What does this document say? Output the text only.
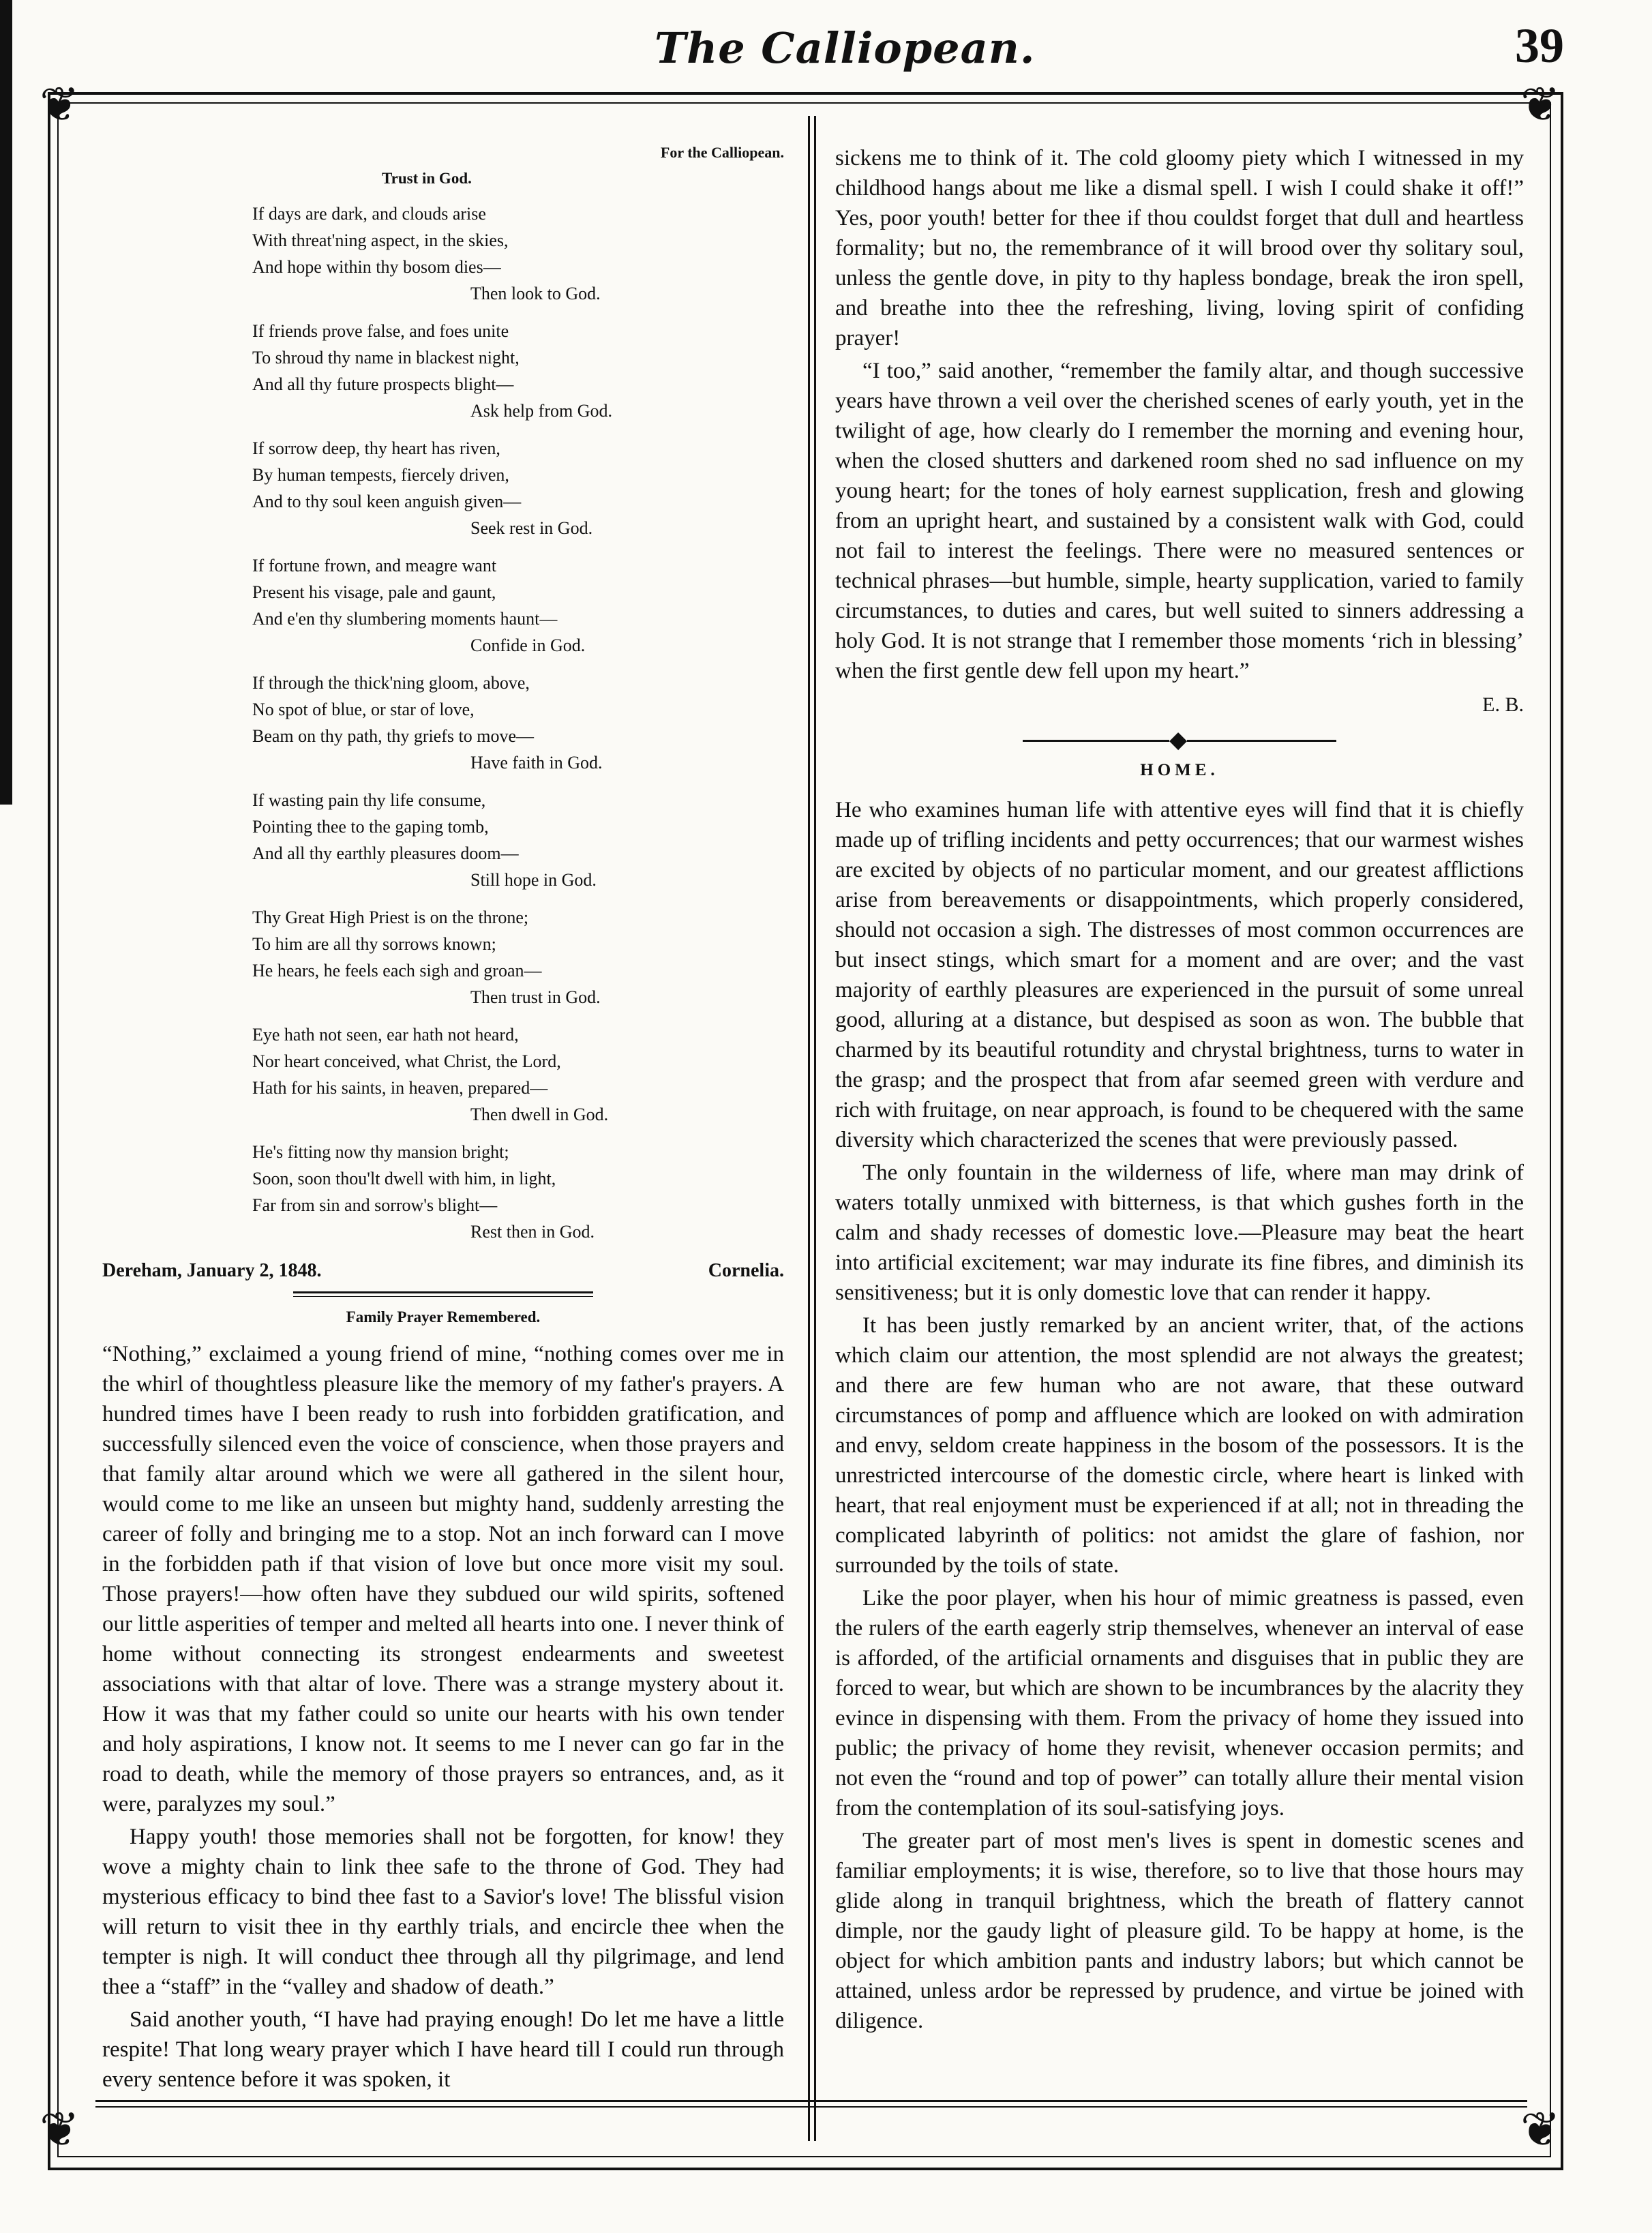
The Calliopean.	39
❦	❦
❦	❦
For the Calliopean.
Trust in God.
If days are dark, and clouds arise
With threat'ning aspect, in the skies,
And hope within thy bosom dies—
Then look to God.
If friends prove false, and foes unite
To shroud thy name in blackest night,
And all thy future prospects blight—
Ask help from God.
If sorrow deep, thy heart has riven,
By human tempests, fiercely driven,
And to thy soul keen anguish given—
Seek rest in God.
If fortune frown, and meagre want
Present his visage, pale and gaunt,
And e'en thy slumbering moments haunt—
Confide in God.
If through the thick'ning gloom, above,
No spot of blue, or star of love,
Beam on thy path, thy griefs to move—
Have faith in God.
If wasting pain thy life consume,
Pointing thee to the gaping tomb,
And all thy earthly pleasures doom—
Still hope in God.
Thy Great High Priest is on the throne;
To him are all thy sorrows known;
He hears, he feels each sigh and groan—
Then trust in God.
Eye hath not seen, ear hath not heard,
Nor heart conceived, what Christ, the Lord,
Hath for his saints, in heaven, prepared—
Then dwell in God.
He's fitting now thy mansion bright;
Soon, soon thou'lt dwell with him, in light,
Far from sin and sorrow's blight—
Rest then in God.
Dereham, January 2, 1848.	Cornelia.
Family Prayer Remembered.

“Nothing,” exclaimed a young friend of mine, “nothing comes over me in the whirl of thoughtless pleasure like the memory of my father's prayers. A hundred times have I been ready to rush into forbidden gratification, and successfully silenced even the voice of conscience, when those prayers and that family altar around which we were all gathered in the silent hour, would come to me like an unseen but mighty hand, suddenly arresting the career of folly and bringing me to a stop. Not an inch forward can I move in the forbidden path if that vision of love but once more visit my soul. Those prayers!—how often have they subdued our wild spirits, softened our little asperities of temper and melted all hearts into one. I never think of home without connecting its strongest endearments and sweetest associations with that altar of love. There was a strange mystery about it. How it was that my father could so unite our hearts with his own tender and holy aspirations, I know not. It seems to me I never can go far in the road to death, while the memory of those prayers so entrances, and, as it were, paralyzes my soul.”

Happy youth! those memories shall not be forgotten, for know! they wove a mighty chain to link thee safe to the throne of God. They had mysterious efficacy to bind thee fast to a Savior's love! The blissful vision will return to visit thee in thy earthly trials, and encircle thee when the tempter is nigh. It will conduct thee through all thy pilgrimage, and lend thee a “staff” in the “valley and shadow of death.”

Said another youth, “I have had praying enough! Do let me have a little respite! That long weary prayer which I have heard till I could run through every sentence before it was spoken, it

sickens me to think of it. The cold gloomy piety which I witnessed in my childhood hangs about me like a dismal spell. I wish I could shake it off!” Yes, poor youth! better for thee if thou couldst forget that dull and heartless formality; but no, the remembrance of it will brood over thy solitary soul, unless the gentle dove, in pity to thy hapless bondage, break the iron spell, and breathe into thee the refreshing, living, loving spirit of confiding prayer!

“I too,” said another, “remember the family altar, and though successive years have thrown a veil over the cherished scenes of early youth, yet in the twilight of age, how clearly do I remember the morning and evening hour, when the closed shutters and darkened room shed no sad influence on my young heart; for the tones of holy earnest supplication, fresh and glowing from an upright heart, and sustained by a consistent walk with God, could not fail to interest the feelings. There were no measured sentences or technical phrases—but humble, simple, hearty supplication, varied to family circumstances, to duties and cares, but well suited to sinners addressing a holy God. It is not strange that I remember those moments ‘rich in blessing’ when the first gentle dew fell upon my heart.”

E. B.
◆
HOME.

He who examines human life with attentive eyes will find that it is chiefly made up of trifling incidents and petty occurrences; that our warmest wishes are excited by objects of no particular moment, and our greatest afflictions arise from bereavements or disappointments, which properly considered, should not occasion a sigh. The distresses of most common occurrences are but insect stings, which smart for a moment and are over; and the vast majority of earthly pleasures are experienced in the pursuit of some unreal good, alluring at a distance, but despised as soon as won. The bubble that charmed by its beautiful rotundity and chrystal brightness, turns to water in the grasp; and the prospect that from afar seemed green with verdure and rich with fruitage, on near approach, is found to be chequered with the same diversity which characterized the scenes that were previously passed.

The only fountain in the wilderness of life, where man may drink of waters totally unmixed with bitterness, is that which gushes forth in the calm and shady recesses of domestic love.—Pleasure may beat the heart into artificial excitement; war may indurate its fine fibres, and diminish its sensitiveness; but it is only domestic love that can render it happy.

It has been justly remarked by an ancient writer, that, of the actions which claim our attention, the most splendid are not always the greatest; and there are few human who are not aware, that these outward circumstances of pomp and affluence which are looked on with admiration and envy, seldom create happiness in the bosom of the possessors. It is the unrestricted intercourse of the domestic circle, where heart is linked with heart, that real enjoyment must be experienced if at all; not in threading the complicated labyrinth of politics: not amidst the glare of fashion, nor surrounded by the toils of state.

Like the poor player, when his hour of mimic greatness is passed, even the rulers of the earth eagerly strip themselves, whenever an interval of ease is afforded, of the artificial ornaments and disguises that in public they are forced to wear, but which are shown to be incumbrances by the alacrity they evince in dispensing with them. From the privacy of home they issued into public; the privacy of home they revisit, whenever occasion permits; and not even the “round and top of power” can totally allure their mental vision from the contemplation of its soul-satisfying joys.

The greater part of most men's lives is spent in domestic scenes and familiar employments; it is wise, therefore, so to live that those hours may glide along in tranquil brightness, which the breath of flattery cannot dimple, nor the gaudy light of pleasure gild. To be happy at home, is the object for which ambition pants and industry labors; but which cannot be attained, unless ardor be repressed by prudence, and virtue be joined with diligence.
